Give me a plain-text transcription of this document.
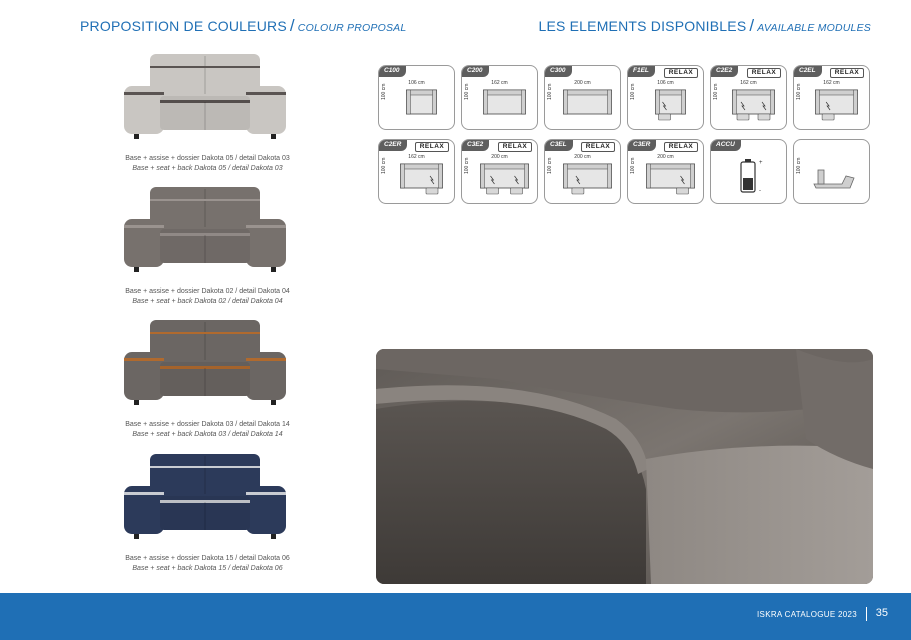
PROPOSITION DE COULEURS / COLOUR PROPOSAL	LES ELEMENTS DISPONIBLES / AVAILABLE MODULES
Base + assise + dossier Dakota 05 / detail Dakota 03
Base + seat + back Dakota 05 / detail Dakota 03
Base + assise + dossier Dakota 02 / detail Dakota 04
Base + seat + back Dakota 02 / detail Dakota 04
Base + assise + dossier Dakota 03 / detail Dakota 14
Base + seat + back Dakota 03 / detail Dakota 14
Base + assise + dossier Dakota 15 / detail Dakota 06
Base + seat + back Dakota 15 / detail Dakota 06
C100
106 cm
100 cm
C200
162 cm
100 cm
C300
200 cm
100 cm
F1EL	RELAX
106 cm
100 cm
C2E2	RELAX
162 cm
100 cm
C2EL	RELAX
162 cm
100 cm
C2ER	RELAX
162 cm
100 cm
C3E2	RELAX
200 cm
100 cm
C3EL	RELAX
200 cm
100 cm
C3ER	RELAX
200 cm
100 cm	+
-
ACCU
100 cm
ISKRA CATALOGUE 2023 35
